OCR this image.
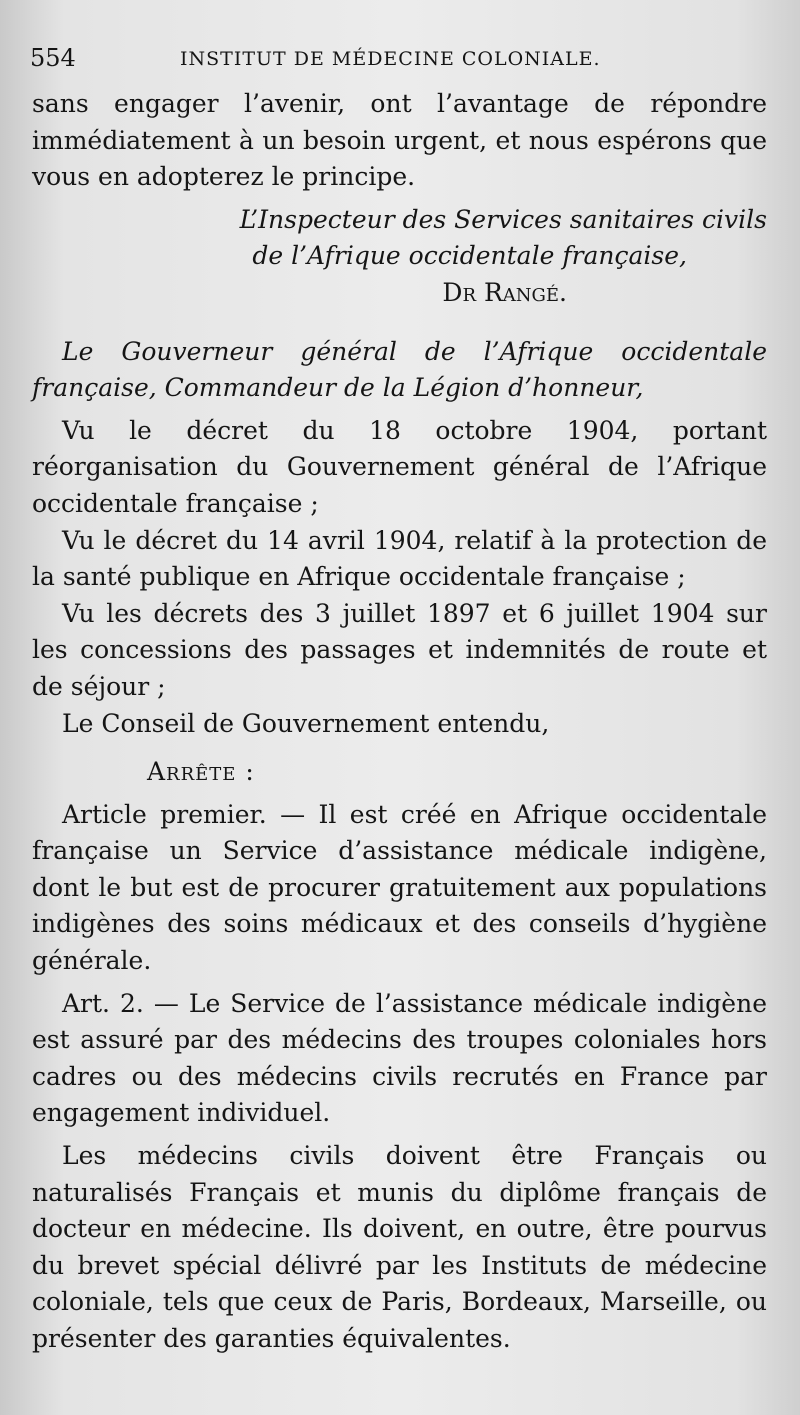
554	INSTITUT DE MÉDECINE COLONIALE.

sans engager l’avenir, ont l’avantage de répondre immédiatement à un besoin urgent, et nous espérons que vous en adopterez le principe.

L’Inspecteur des Services sanitaires civils

de l’Afrique occidentale française,

Dr Rangé.

Le Gouverneur général de l’Afrique occidentale française, Commandeur de la Légion d’honneur,

Vu le décret du 18 octobre 1904, portant réorganisation du Gouvernement général de l’Afrique occidentale française ;

Vu le décret du 14 avril 1904, relatif à la protection de la santé publique en Afrique occidentale française ;

Vu les décrets des 3 juillet 1897 et 6 juillet 1904 sur les concessions des passages et indemnités de route et de séjour ;

Le Conseil de Gouvernement entendu,

Arrête :

Article premier. — Il est créé en Afrique occidentale française un Service d’assistance médicale indigène, dont le but est de procurer gratuitement aux populations indigènes des soins médicaux et des conseils d’hygiène générale.

Art. 2. — Le Service de l’assistance médicale indigène est assuré par des médecins des troupes coloniales hors cadres ou des médecins civils recrutés en France par engagement individuel.

Les médecins civils doivent être Français ou naturalisés Français et munis du diplôme français de docteur en médecine. Ils doivent, en outre, être pourvus du brevet spécial délivré par les Instituts de médecine coloniale, tels que ceux de Paris, Bordeaux, Marseille, ou présenter des garanties équivalentes.
